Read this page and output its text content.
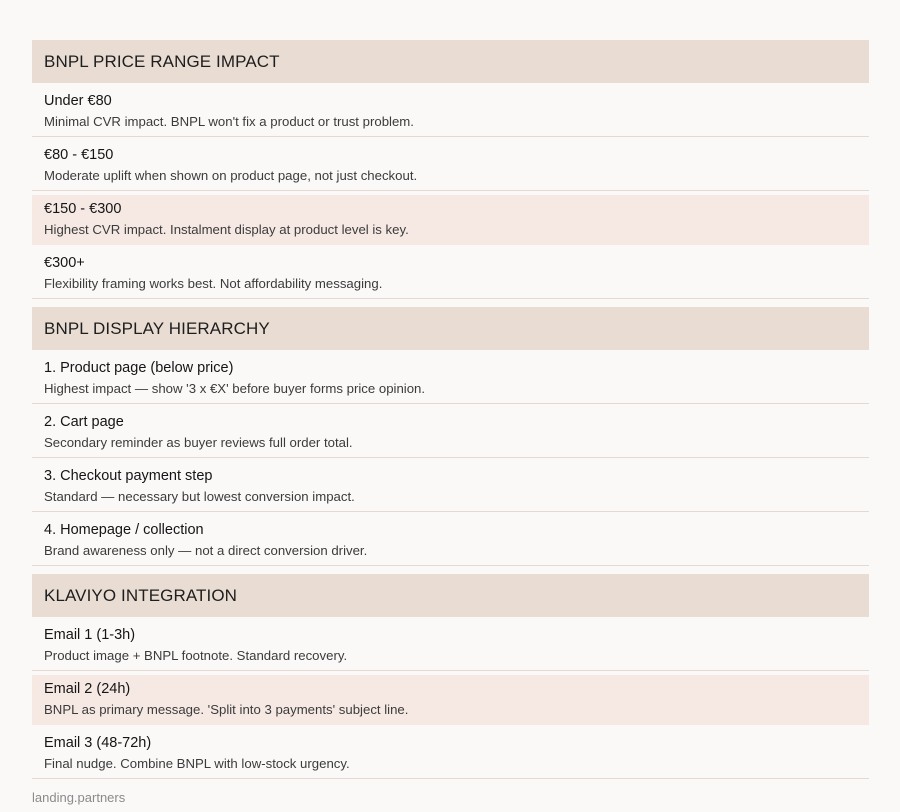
BNPL PRICE RANGE IMPACT
Under €80
Minimal CVR impact. BNPL won't fix a product or trust problem.
€80 - €150
Moderate uplift when shown on product page, not just checkout.
€150 - €300
Highest CVR impact. Instalment display at product level is key.
€300+
Flexibility framing works best. Not affordability messaging.
BNPL DISPLAY HIERARCHY
1. Product page (below price)
Highest impact — show '3 x €X' before buyer forms price opinion.
2. Cart page
Secondary reminder as buyer reviews full order total.
3. Checkout payment step
Standard — necessary but lowest conversion impact.
4. Homepage / collection
Brand awareness only — not a direct conversion driver.
KLAVIYO INTEGRATION
Email 1 (1-3h)
Product image + BNPL footnote. Standard recovery.
Email 2 (24h)
BNPL as primary message. 'Split into 3 payments' subject line.
Email 3 (48-72h)
Final nudge. Combine BNPL with low-stock urgency.
landing.partners
